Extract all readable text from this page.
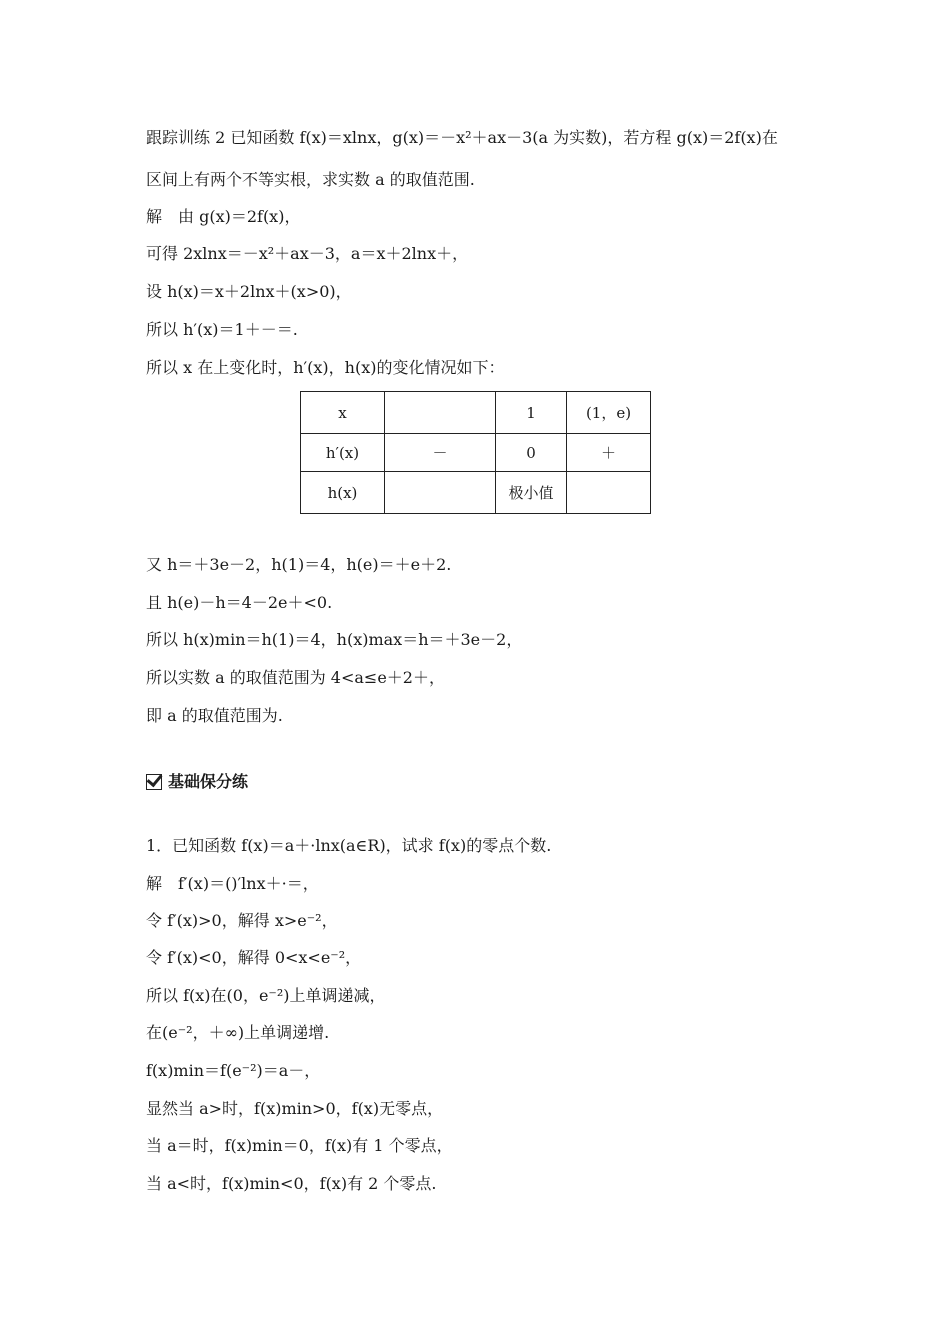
跟踪训练 2 已知函数 f(x)＝xlnx，g(x)＝－x²＋ax－3(a 为实数)，若方程 g(x)＝2f(x)在
区间上有两个不等实根，求实数 a 的取值范围.
解　由 g(x)＝2f(x)，
可得 2xlnx＝－x²＋ax－3，a＝x＋2lnx＋，
设 h(x)＝x＋2lnx＋(x>0)，
所以 h′(x)＝1＋－＝.
所以 x 在上变化时，h′(x)，h(x)的变化情况如下：
x		1	(1，e)
h′(x)	－	0	＋
h(x)		极小值	
又 h＝＋3e－2，h(1)＝4，h(e)＝＋e＋2.
且 h(e)－h＝4－2e＋<0.
所以 h(x)min＝h(1)＝4，h(x)max＝h＝＋3e－2，
所以实数 a 的取值范围为 4<a≤e＋2＋，
即 a 的取值范围为.
基础保分练
1．已知函数 f(x)＝a＋·lnx(a∈R)，试求 f(x)的零点个数.
解　f′(x)＝()′lnx＋·＝，
令 f′(x)>0，解得 x>e⁻²，
令 f′(x)<0，解得 0<x<e⁻²，
所以 f(x)在(0，e⁻²)上单调递减，
在(e⁻²，＋∞)上单调递增.
f(x)min＝f(e⁻²)＝a－，
显然当 a>时，f(x)min>0，f(x)无零点，
当 a＝时，f(x)min＝0，f(x)有 1 个零点，
当 a<时，f(x)min<0，f(x)有 2 个零点.
